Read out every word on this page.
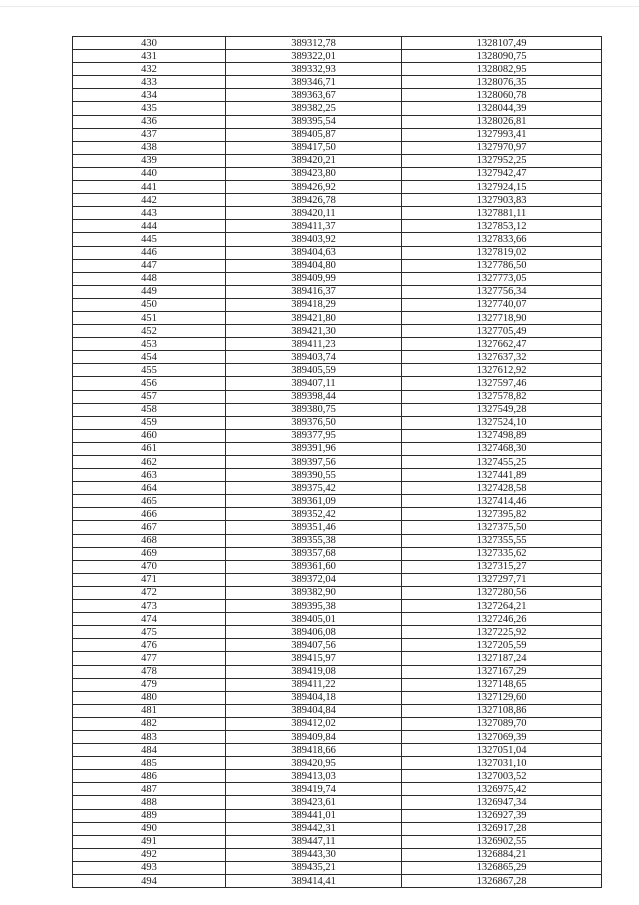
430	389312,78	1328107,49
431	389322,01	1328090,75
432	389332,93	1328082,95
433	389346,71	1328076,35
434	389363,67	1328060,78
435	389382,25	1328044,39
436	389395,54	1328026,81
437	389405,87	1327993,41
438	389417,50	1327970,97
439	389420,21	1327952,25
440	389423,80	1327942,47
441	389426,92	1327924,15
442	389426,78	1327903,83
443	389420,11	1327881,11
444	389411,37	1327853,12
445	389403,92	1327833,66
446	389404,63	1327819,02
447	389404,80	1327786,50
448	389409,99	1327773,05
449	389416,37	1327756,34
450	389418,29	1327740,07
451	389421,80	1327718,90
452	389421,30	1327705,49
453	389411,23	1327662,47
454	389403,74	1327637,32
455	389405,59	1327612,92
456	389407,11	1327597,46
457	389398,44	1327578,82
458	389380,75	1327549,28
459	389376,50	1327524,10
460	389377,95	1327498,89
461	389391,96	1327468,30
462	389397,56	1327455,25
463	389390,55	1327441,89
464	389375,42	1327428,58
465	389361,09	1327414,46
466	389352,42	1327395,82
467	389351,46	1327375,50
468	389355,38	1327355,55
469	389357,68	1327335,62
470	389361,60	1327315,27
471	389372,04	1327297,71
472	389382,90	1327280,56
473	389395,38	1327264,21
474	389405,01	1327246,26
475	389406,08	1327225,92
476	389407,56	1327205,59
477	389415,97	1327187,24
478	389419,08	1327167,29
479	389411,22	1327148,65
480	389404,18	1327129,60
481	389404,84	1327108,86
482	389412,02	1327089,70
483	389409,84	1327069,39
484	389418,66	1327051,04
485	389420,95	1327031,10
486	389413,03	1327003,52
487	389419,74	1326975,42
488	389423,61	1326947,34
489	389441,01	1326927,39
490	389442,31	1326917,28
491	389447,11	1326902,55
492	389443,30	1326884,21
493	389435,21	1326865,29
494	389414,41	1326867,28
